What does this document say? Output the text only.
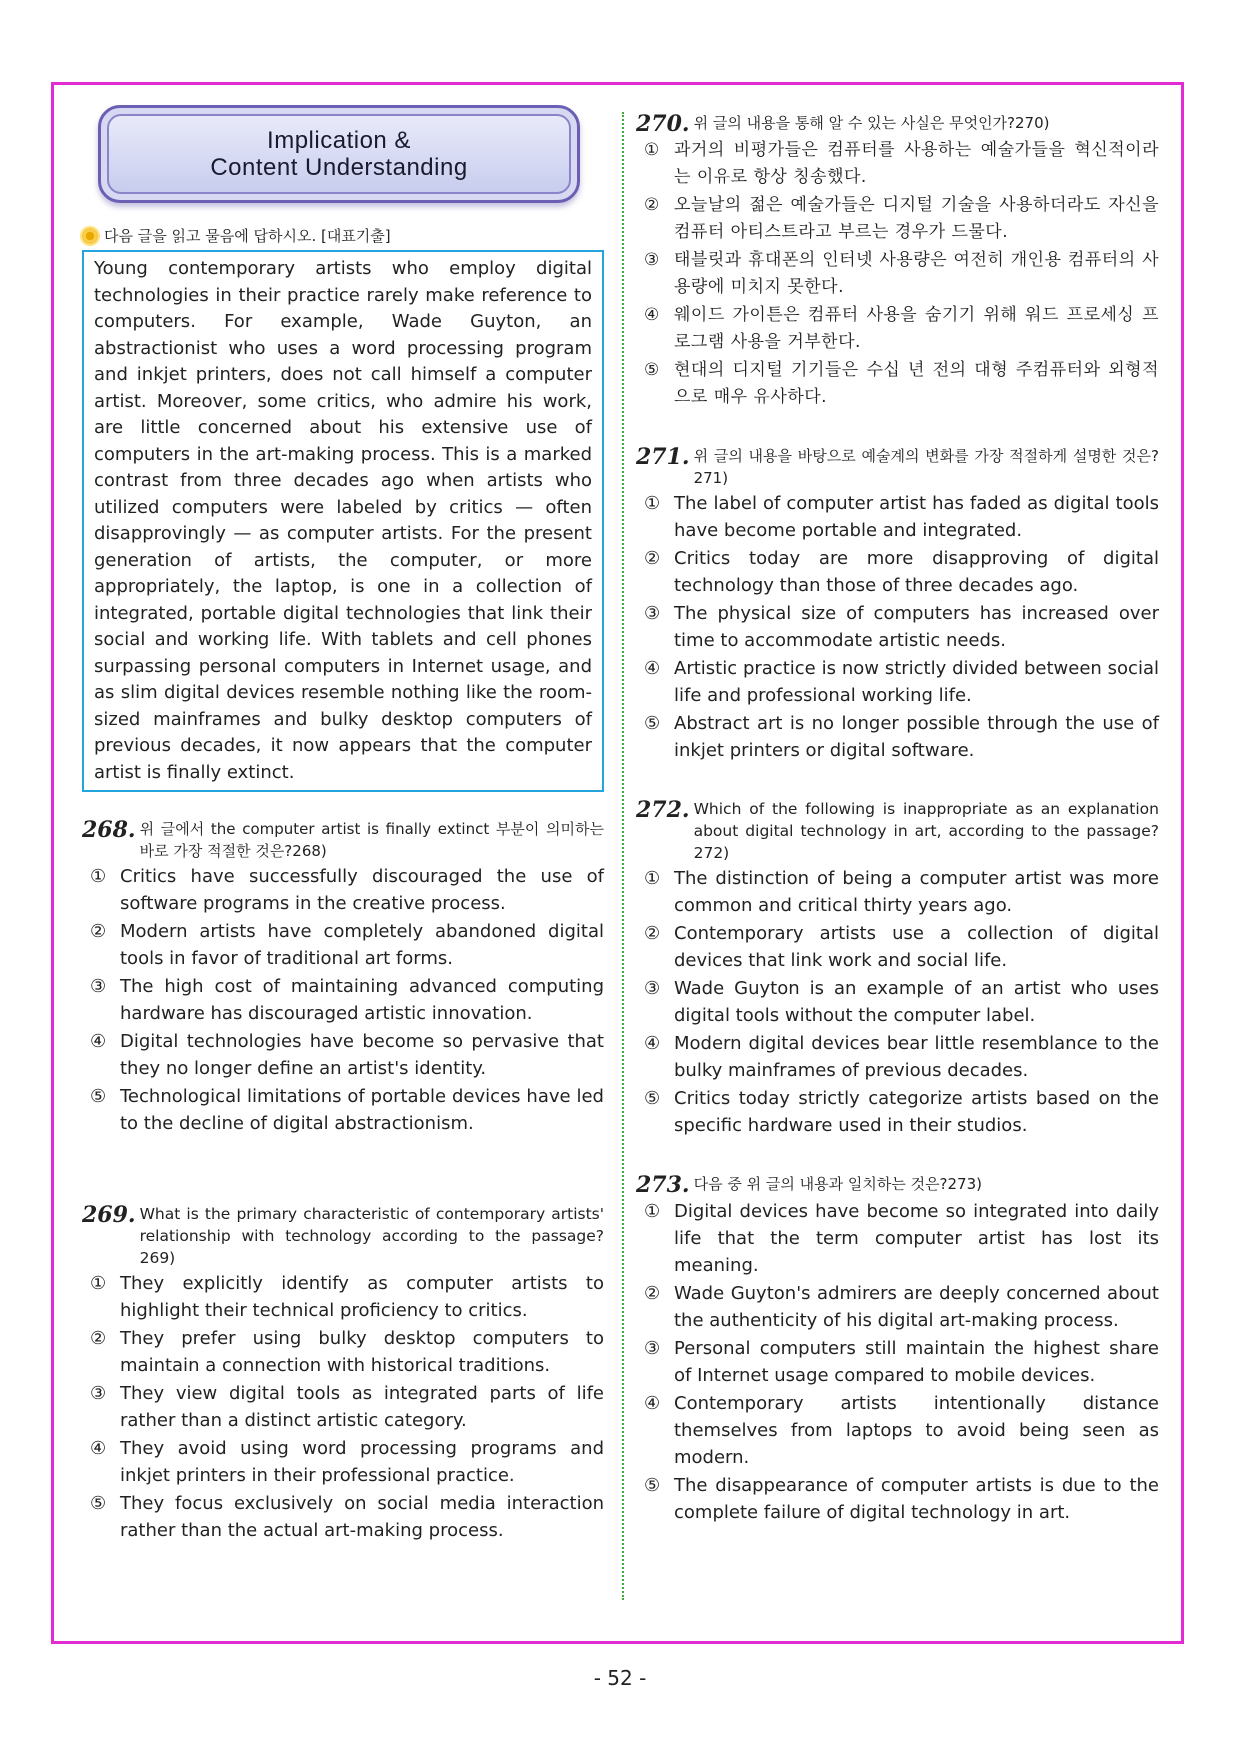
Implication &
Content Understanding
다음 글을 읽고 물음에 답하시오. [대표기출]
Young contemporary artists who employ digital technologies in their practice rarely make reference to computers. For example, Wade Guyton, an abstractionist who uses a word processing program and inkjet printers, does not call himself a computer artist. Moreover, some critics, who admire his work, are little concerned about his extensive use of computers in the art-making process. This is a marked contrast from three decades ago when artists who utilized computers were labeled by critics — often disapprovingly — as computer artists. For the present generation of artists, the computer, or more appropriately, the laptop, is one in a collection of integrated, portable digital technologies that link their social and working life. With tablets and cell phones surpassing personal computers in Internet usage, and as slim digital devices resemble nothing like the room-sized mainframes and bulky desktop computers of previous decades, it now appears that the computer artist is finally extinct.
268. 위 글에서 the computer artist is finally extinct 부분이 의미하는 바로 가장 적절한 것은?268)
① Critics have successfully discouraged the use of software programs in the creative process.
② Modern artists have completely abandoned digital tools in favor of traditional art forms.
③ The high cost of maintaining advanced computing hardware has discouraged artistic innovation.
④ Digital technologies have become so pervasive that they no longer define an artist's identity.
⑤ Technological limitations of portable devices have led to the decline of digital abstractionism.
269. What is the primary characteristic of contemporary artists' relationship with technology according to the passage?269)
① They explicitly identify as computer artists to highlight their technical proficiency to critics.
② They prefer using bulky desktop computers to maintain a connection with historical traditions.
③ They view digital tools as integrated parts of life rather than a distinct artistic category.
④ They avoid using word processing programs and inkjet printers in their professional practice.
⑤ They focus exclusively on social media interaction rather than the actual art-making process.
270. 위 글의 내용을 통해 알 수 있는 사실은 무엇인가?270)
① 과거의 비평가들은 컴퓨터를 사용하는 예술가들을 혁신적이라는 이유로 항상 칭송했다.
② 오늘날의 젊은 예술가들은 디지털 기술을 사용하더라도 자신을 컴퓨터 아티스트라고 부르는 경우가 드물다.
③ 태블릿과 휴대폰의 인터넷 사용량은 여전히 개인용 컴퓨터의 사용량에 미치지 못한다.
④ 웨이드 가이튼은 컴퓨터 사용을 숨기기 위해 워드 프로세싱 프로그램 사용을 거부한다.
⑤ 현대의 디지털 기기들은 수십 년 전의 대형 주컴퓨터와 외형적으로 매우 유사하다.
271. 위 글의 내용을 바탕으로 예술계의 변화를 가장 적절하게 설명한 것은?271)
① The label of computer artist has faded as digital tools have become portable and integrated.
② Critics today are more disapproving of digital technology than those of three decades ago.
③ The physical size of computers has increased over time to accommodate artistic needs.
④ Artistic practice is now strictly divided between social life and professional working life.
⑤ Abstract art is no longer possible through the use of inkjet printers or digital software.
272. Which of the following is inappropriate as an explanation about digital technology in art, according to the passage?272)
① The distinction of being a computer artist was more common and critical thirty years ago.
② Contemporary artists use a collection of digital devices that link work and social life.
③ Wade Guyton is an example of an artist who uses digital tools without the computer label.
④ Modern digital devices bear little resemblance to the bulky mainframes of previous decades.
⑤ Critics today strictly categorize artists based on the specific hardware used in their studios.
273. 다음 중 위 글의 내용과 일치하는 것은?273)
① Digital devices have become so integrated into daily life that the term computer artist has lost its meaning.
② Wade Guyton's admirers are deeply concerned about the authenticity of his digital art-making process.
③ Personal computers still maintain the highest share of Internet usage compared to mobile devices.
④ Contemporary artists intentionally distance themselves from laptops to avoid being seen as modern.
⑤ The disappearance of computer artists is due to the complete failure of digital technology in art.
- 52 -
